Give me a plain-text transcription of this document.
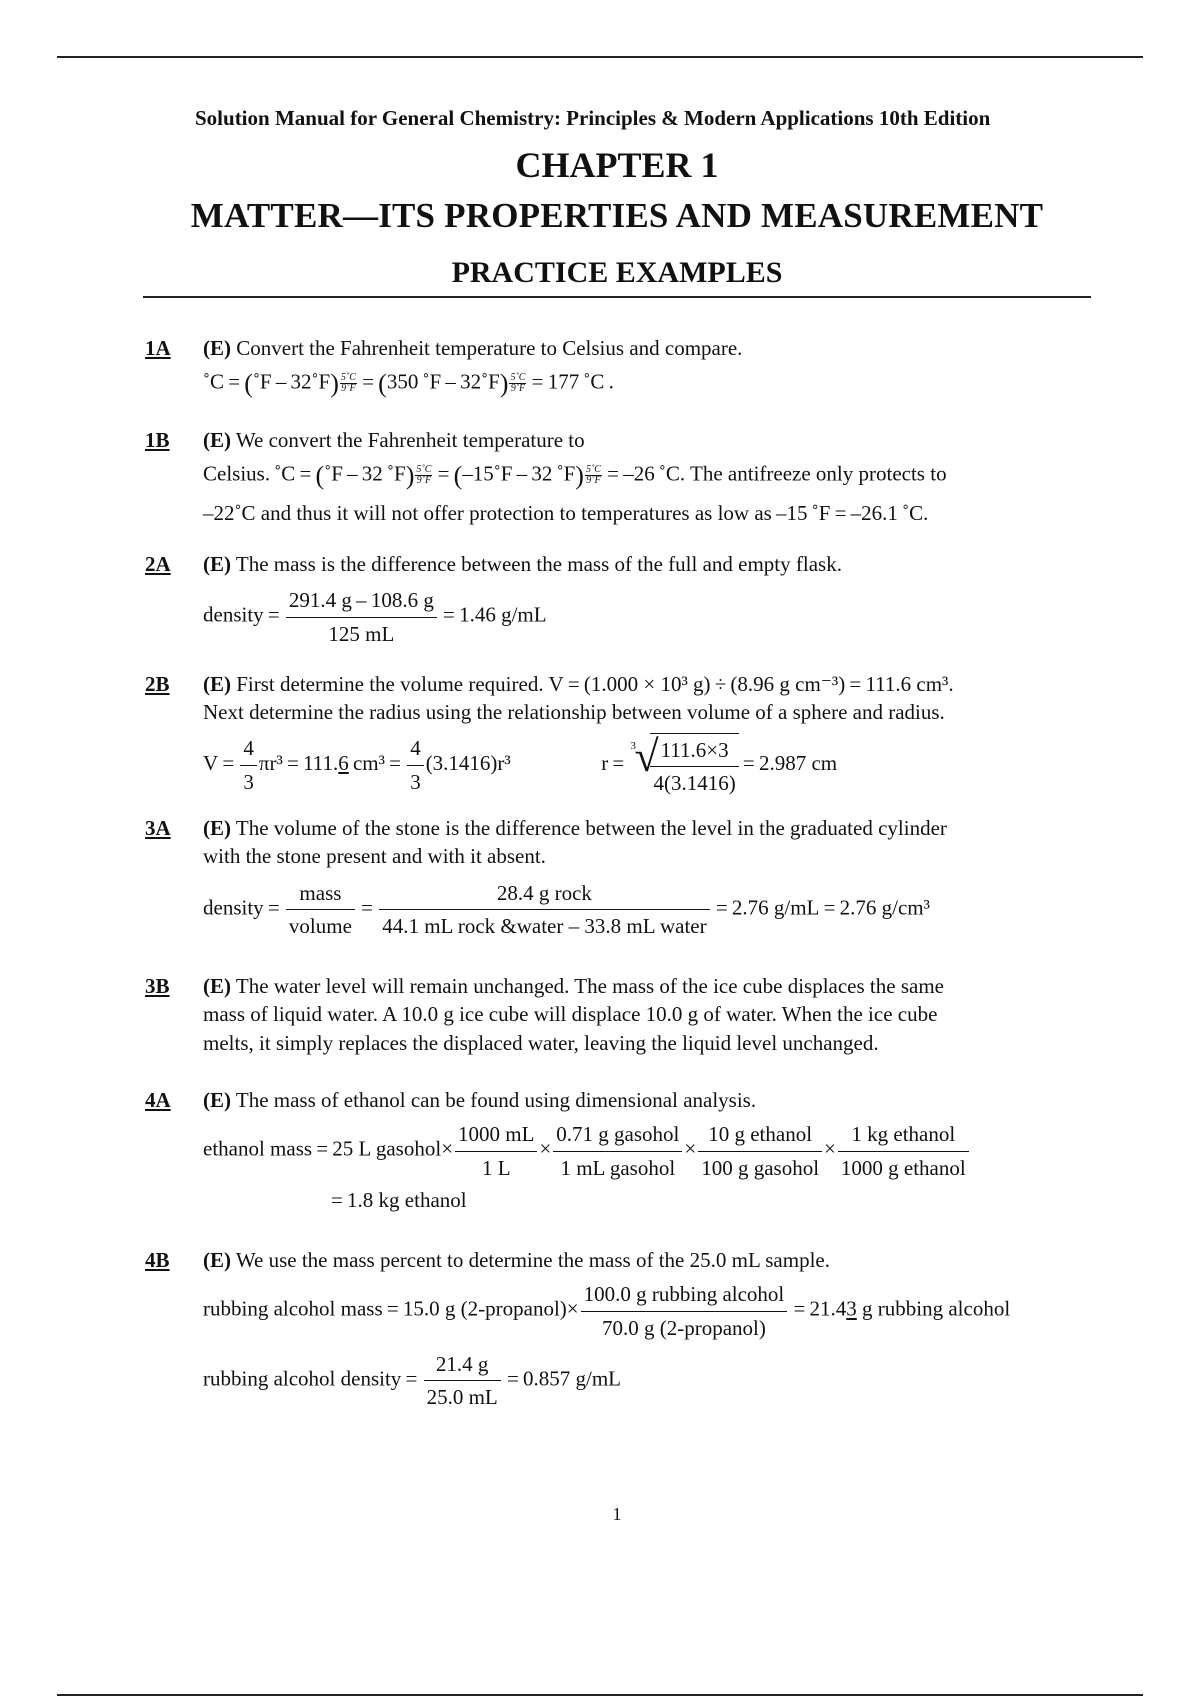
Solution Manual for General Chemistry: Principles & Modern Applications 10th Edition
CHAPTER 1
MATTER—ITS PROPERTIES AND MEASUREMENT
PRACTICE EXAMPLES
1A (E) Convert the Fahrenheit temperature to Celsius and compare.
˚C = (˚F – 32˚F) $\frac{5˚C}{9˚F} = (350$ ˚F – 32˚F) $\frac{5˚C}{9˚F} = 177$ ˚C .
1B (E) We convert the Fahrenheit temperature to
Celsius. ˚C = (˚F – 32 ˚F) $\frac{5˚C}{9˚F}$  = (–15˚F – 32 ˚F) $\frac{5˚C}{9˚F} = -26$ ˚C. The antifreeze only protects to
–22˚C and thus it will not offer protection to temperatures as low as –15 ˚F = –26.1 ˚C.
2A (E) The mass is the difference between the mass of the full and empty flask.
density =  $\frac{291.4 g - 108.6 g}{125 mL} = 1.46$ g/mL
2B (E) First determine the volume required. V = (1.000 × 10³ g) ÷ (8.96 g cm⁻³) = 111.6 cm³.
Next determine the radius using the relationship between volume of a sphere and radius.
$V = \frac{4}{3} \pi r^3 = 111.6$ $cm^3 = \frac{4}{3} (3.1416)r^3$	r = 
3
√
$\frac{111.6\times 3}{4(3.1416)} = 2.987$ cm
3A (E) The volume of the stone is the difference between the level in the graduated cylinder
with the stone present and with it absent.
density =  $\frac{\text{mass}}{\text{volume}} = \frac{\text{28.4 g rock}}{\text{44.1 mL rock \&water – 33.8 mL water}} = 2.76$ g/mL = 2.76 g/cm³
3B (E) The water level will remain unchanged. The mass of the ice cube displaces the same
mass of liquid water. A 10.0 g ice cube will displace 10.0 g of water. When the ice cube
melts, it simply replaces the displaced water, leaving the liquid level unchanged.
4A (E) The mass of ethanol can be found using dimensional analysis.
ethanol mass = 25 L gasohol× $\frac{1000 mL}{1 L} \times \frac{\text{0.71 g gasohol}}{\text{1 mL gasohol}} \times \frac{\text{10 g ethanol}}{\text{100 g gasohol}} \times \frac{\text{1 kg ethanol}}{\text{1000 g ethanol}}$
= 1.8 kg ethanol
4B (E) We use the mass percent to determine the mass of the 25.0 mL sample.
rubbing alcohol mass = 15.0 g (2-propanol)× $\frac{\text{100.0 g rubbing alcohol}}{\text{70.0 g (2-propanol)}} = 21.43$ g rubbing alcohol
rubbing alcohol density =  $\frac{21.4 g}{25.0 mL} = 0.857$ g/mL
1
